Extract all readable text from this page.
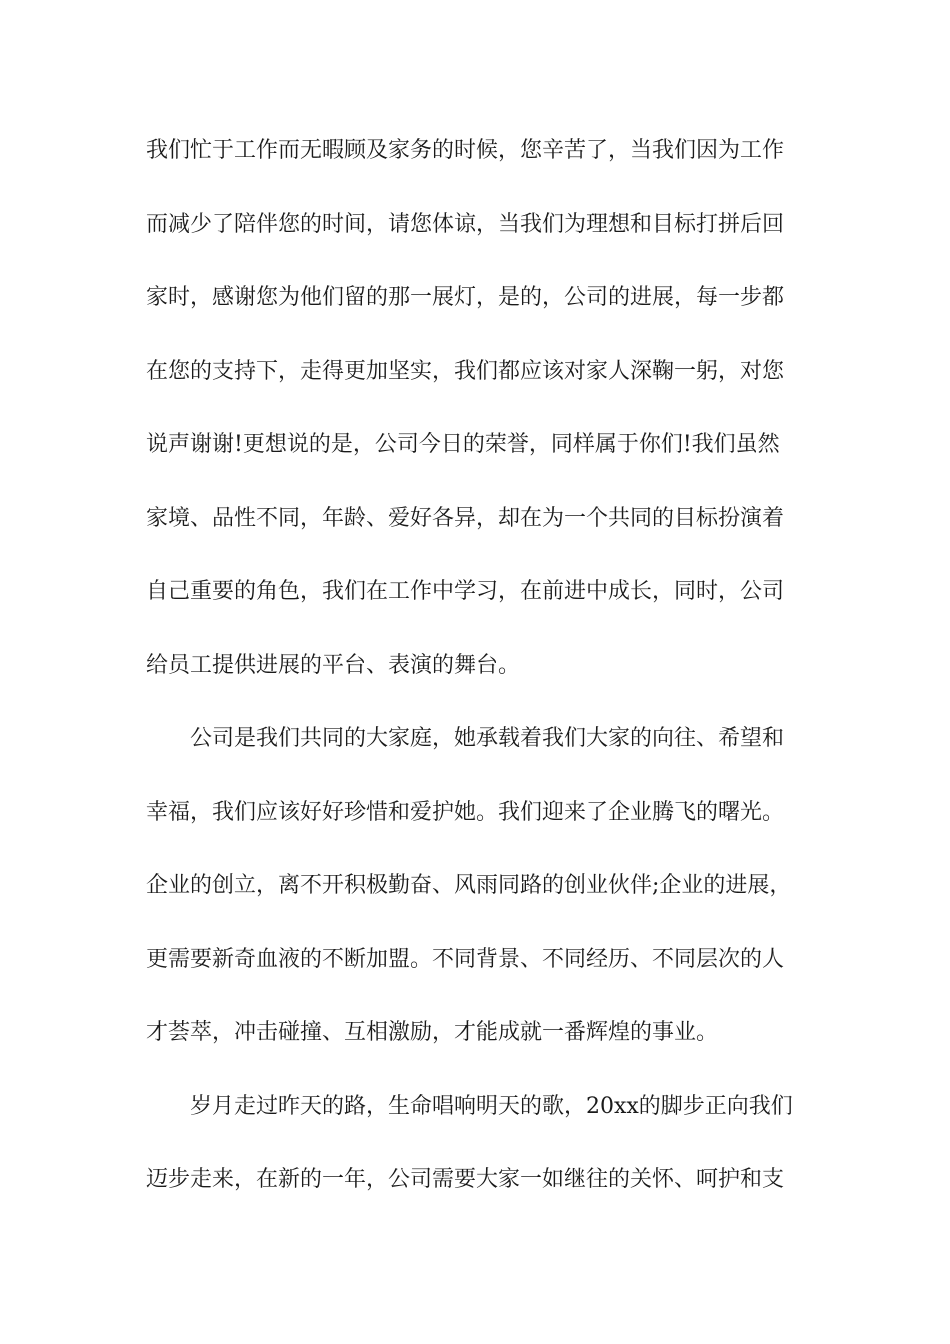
我们忙于工作而无暇顾及家务的时候，您辛苦了，当我们因为工作
而减少了陪伴您的时间，请您体谅，当我们为理想和目标打拼后回
家时，感谢您为他们留的那一展灯，是的，公司的进展，每一步都
在您的支持下，走得更加坚实，我们都应该对家人深鞠一躬，对您
说声谢谢!更想说的是，公司今日的荣誉，同样属于你们!我们虽然
家境、品性不同，年龄、爱好各异，却在为一个共同的目标扮演着
自己重要的角色，我们在工作中学习，在前进中成长，同时，公司
给员工提供进展的平台、表演的舞台。
公司是我们共同的大家庭，她承载着我们大家的向往、希望和
幸福，我们应该好好珍惜和爱护她。我们迎来了企业腾飞的曙光。
企业的创立，离不开积极勤奋、风雨同路的创业伙伴;企业的进展，
更需要新奇血液的不断加盟。不同背景、不同经历、不同层次的人
才荟萃，冲击碰撞、互相激励，才能成就一番辉煌的事业。
岁月走过昨天的路，生命唱响明天的歌，20xx的脚步正向我们
迈步走来，在新的一年，公司需要大家一如继往的关怀、呵护和支
